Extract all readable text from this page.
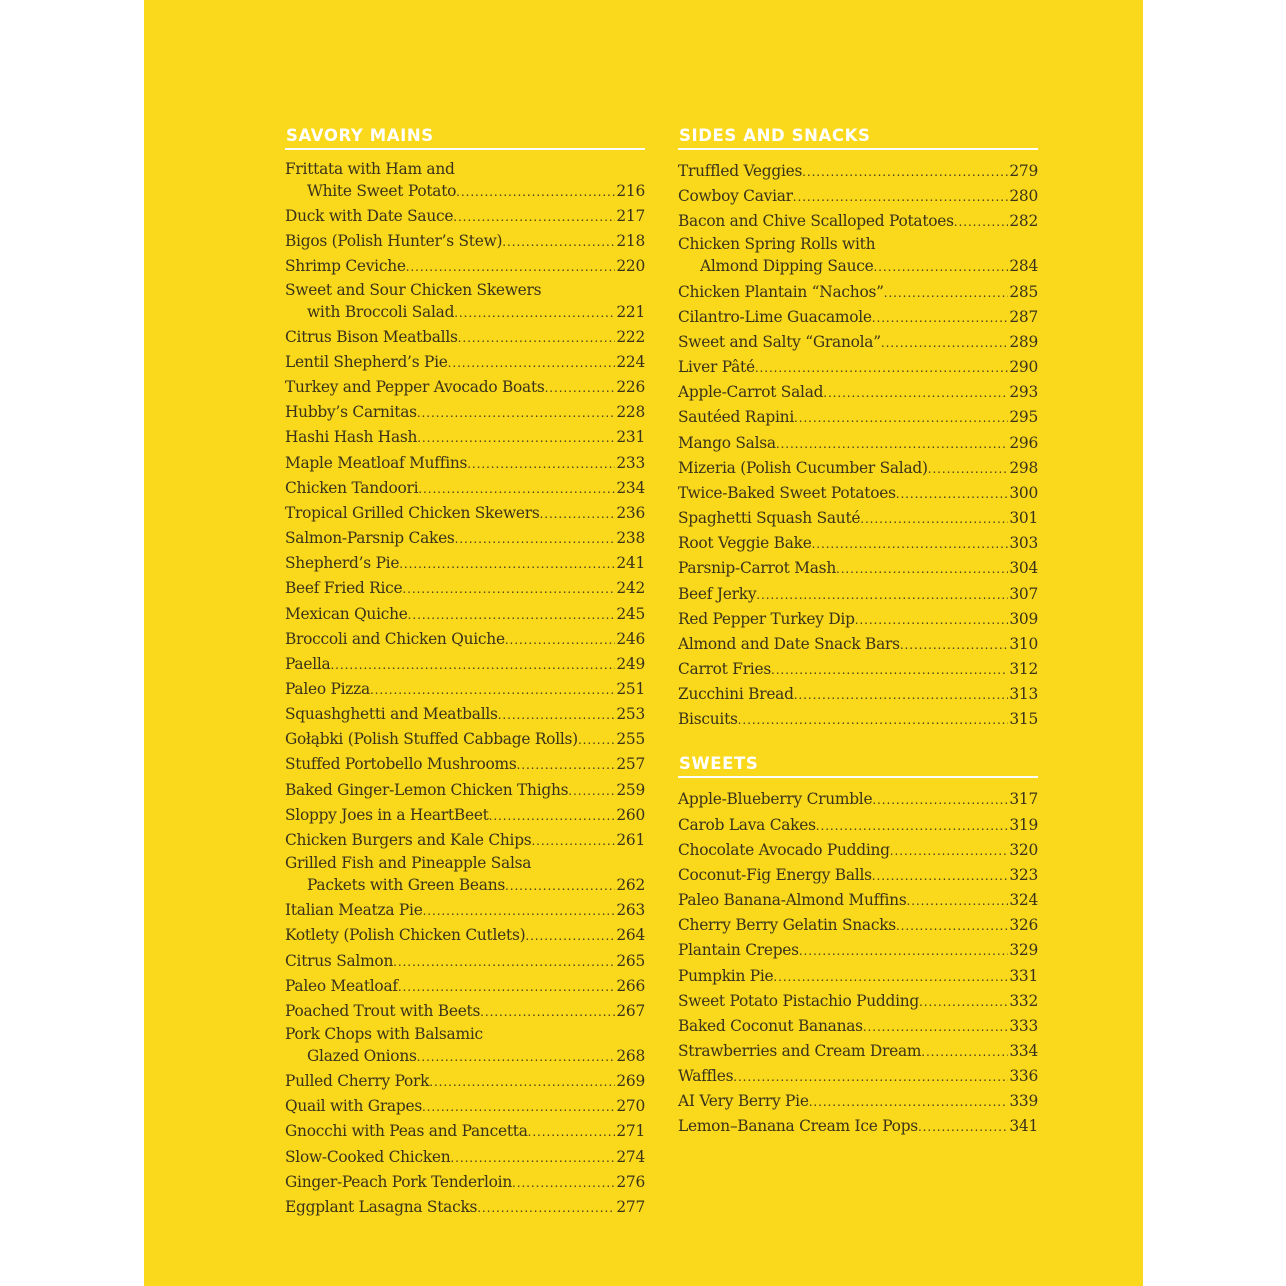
SAVORY MAINS
Frittata with Ham and
White Sweet Potato .....	216
Duck with Date Sauce .....	217
Bigos (Polish Hunter’s Stew) .....	218
Shrimp Ceviche .....	220
Sweet and Sour Chicken Skewers
with Broccoli Salad .....	221
Citrus Bison Meatballs .....	222
Lentil Shepherd’s Pie .....	224
Turkey and Pepper Avocado Boats .....	226
Hubby’s Carnitas .....	228
Hashi Hash Hash .....	231
Maple Meatloaf Muffins .....	233
Chicken Tandoori .....	234
Tropical Grilled Chicken Skewers .....	236
Salmon-Parsnip Cakes .....	238
Shepherd’s Pie .....	241
Beef Fried Rice .....	242
Mexican Quiche .....	245
Broccoli and Chicken Quiche .....	246
Paella .....	249
Paleo Pizza .....	251
Squashghetti and Meatballs .....	253
Gołąbki (Polish Stuffed Cabbage Rolls) ..... 255
Stuffed Portobello Mushrooms .....	257
Baked Ginger-Lemon Chicken Thighs .....	259
Sloppy Joes in a HeartBeet .....	260
Chicken Burgers and Kale Chips .....	261
Grilled Fish and Pineapple Salsa
Packets with Green Beans .....	262
Italian Meatza Pie .....	263
Kotlety (Polish Chicken Cutlets) .....	264
Citrus Salmon .....	265
Paleo Meatloaf .....	266
Poached Trout with Beets .....	267
Pork Chops with Balsamic
Glazed Onions .....	268
Pulled Cherry Pork .....	269
Quail with Grapes .....	270
Gnocchi with Peas and Pancetta .....	271
Slow-Cooked Chicken .....	274
Ginger-Peach Pork Tenderloin .....	276
Eggplant Lasagna Stacks .....	277
SIDES AND SNACKS
Truffled Veggies .....	279
Cowboy Caviar .....	280
Bacon and Chive Scalloped Potatoes .....	282
Chicken Spring Rolls with
Almond Dipping Sauce .....	284
Chicken Plantain “Nachos” .....	285
Cilantro-Lime Guacamole .....	287
Sweet and Salty “Granola” .....	289
Liver Pâté .....	290
Apple-Carrot Salad .....	293
Sautéed Rapini .....	295
Mango Salsa .....	296
Mizeria (Polish Cucumber Salad) .....	298
Twice-Baked Sweet Potatoes .....	300
Spaghetti Squash Sauté .....	301
Root Veggie Bake .....	303
Parsnip-Carrot Mash .....	304
Beef Jerky .....	307
Red Pepper Turkey Dip .....	309
Almond and Date Snack Bars .....	310
Carrot Fries .....	312
Zucchini Bread .....	313
Biscuits .....	315
SWEETS
Apple-Blueberry Crumble .....	317
Carob Lava Cakes .....	319
Chocolate Avocado Pudding .....	320
Coconut-Fig Energy Balls .....	323
Paleo Banana-Almond Muffins .....	324
Cherry Berry Gelatin Snacks .....	326
Plantain Crepes .....	329
Pumpkin Pie .....	331
Sweet Potato Pistachio Pudding .....	332
Baked Coconut Bananas .....	333
Strawberries and Cream Dream .....	334
Waffles .....	336
AI Very Berry Pie .....	339
Lemon–Banana Cream Ice Pops .....	341
